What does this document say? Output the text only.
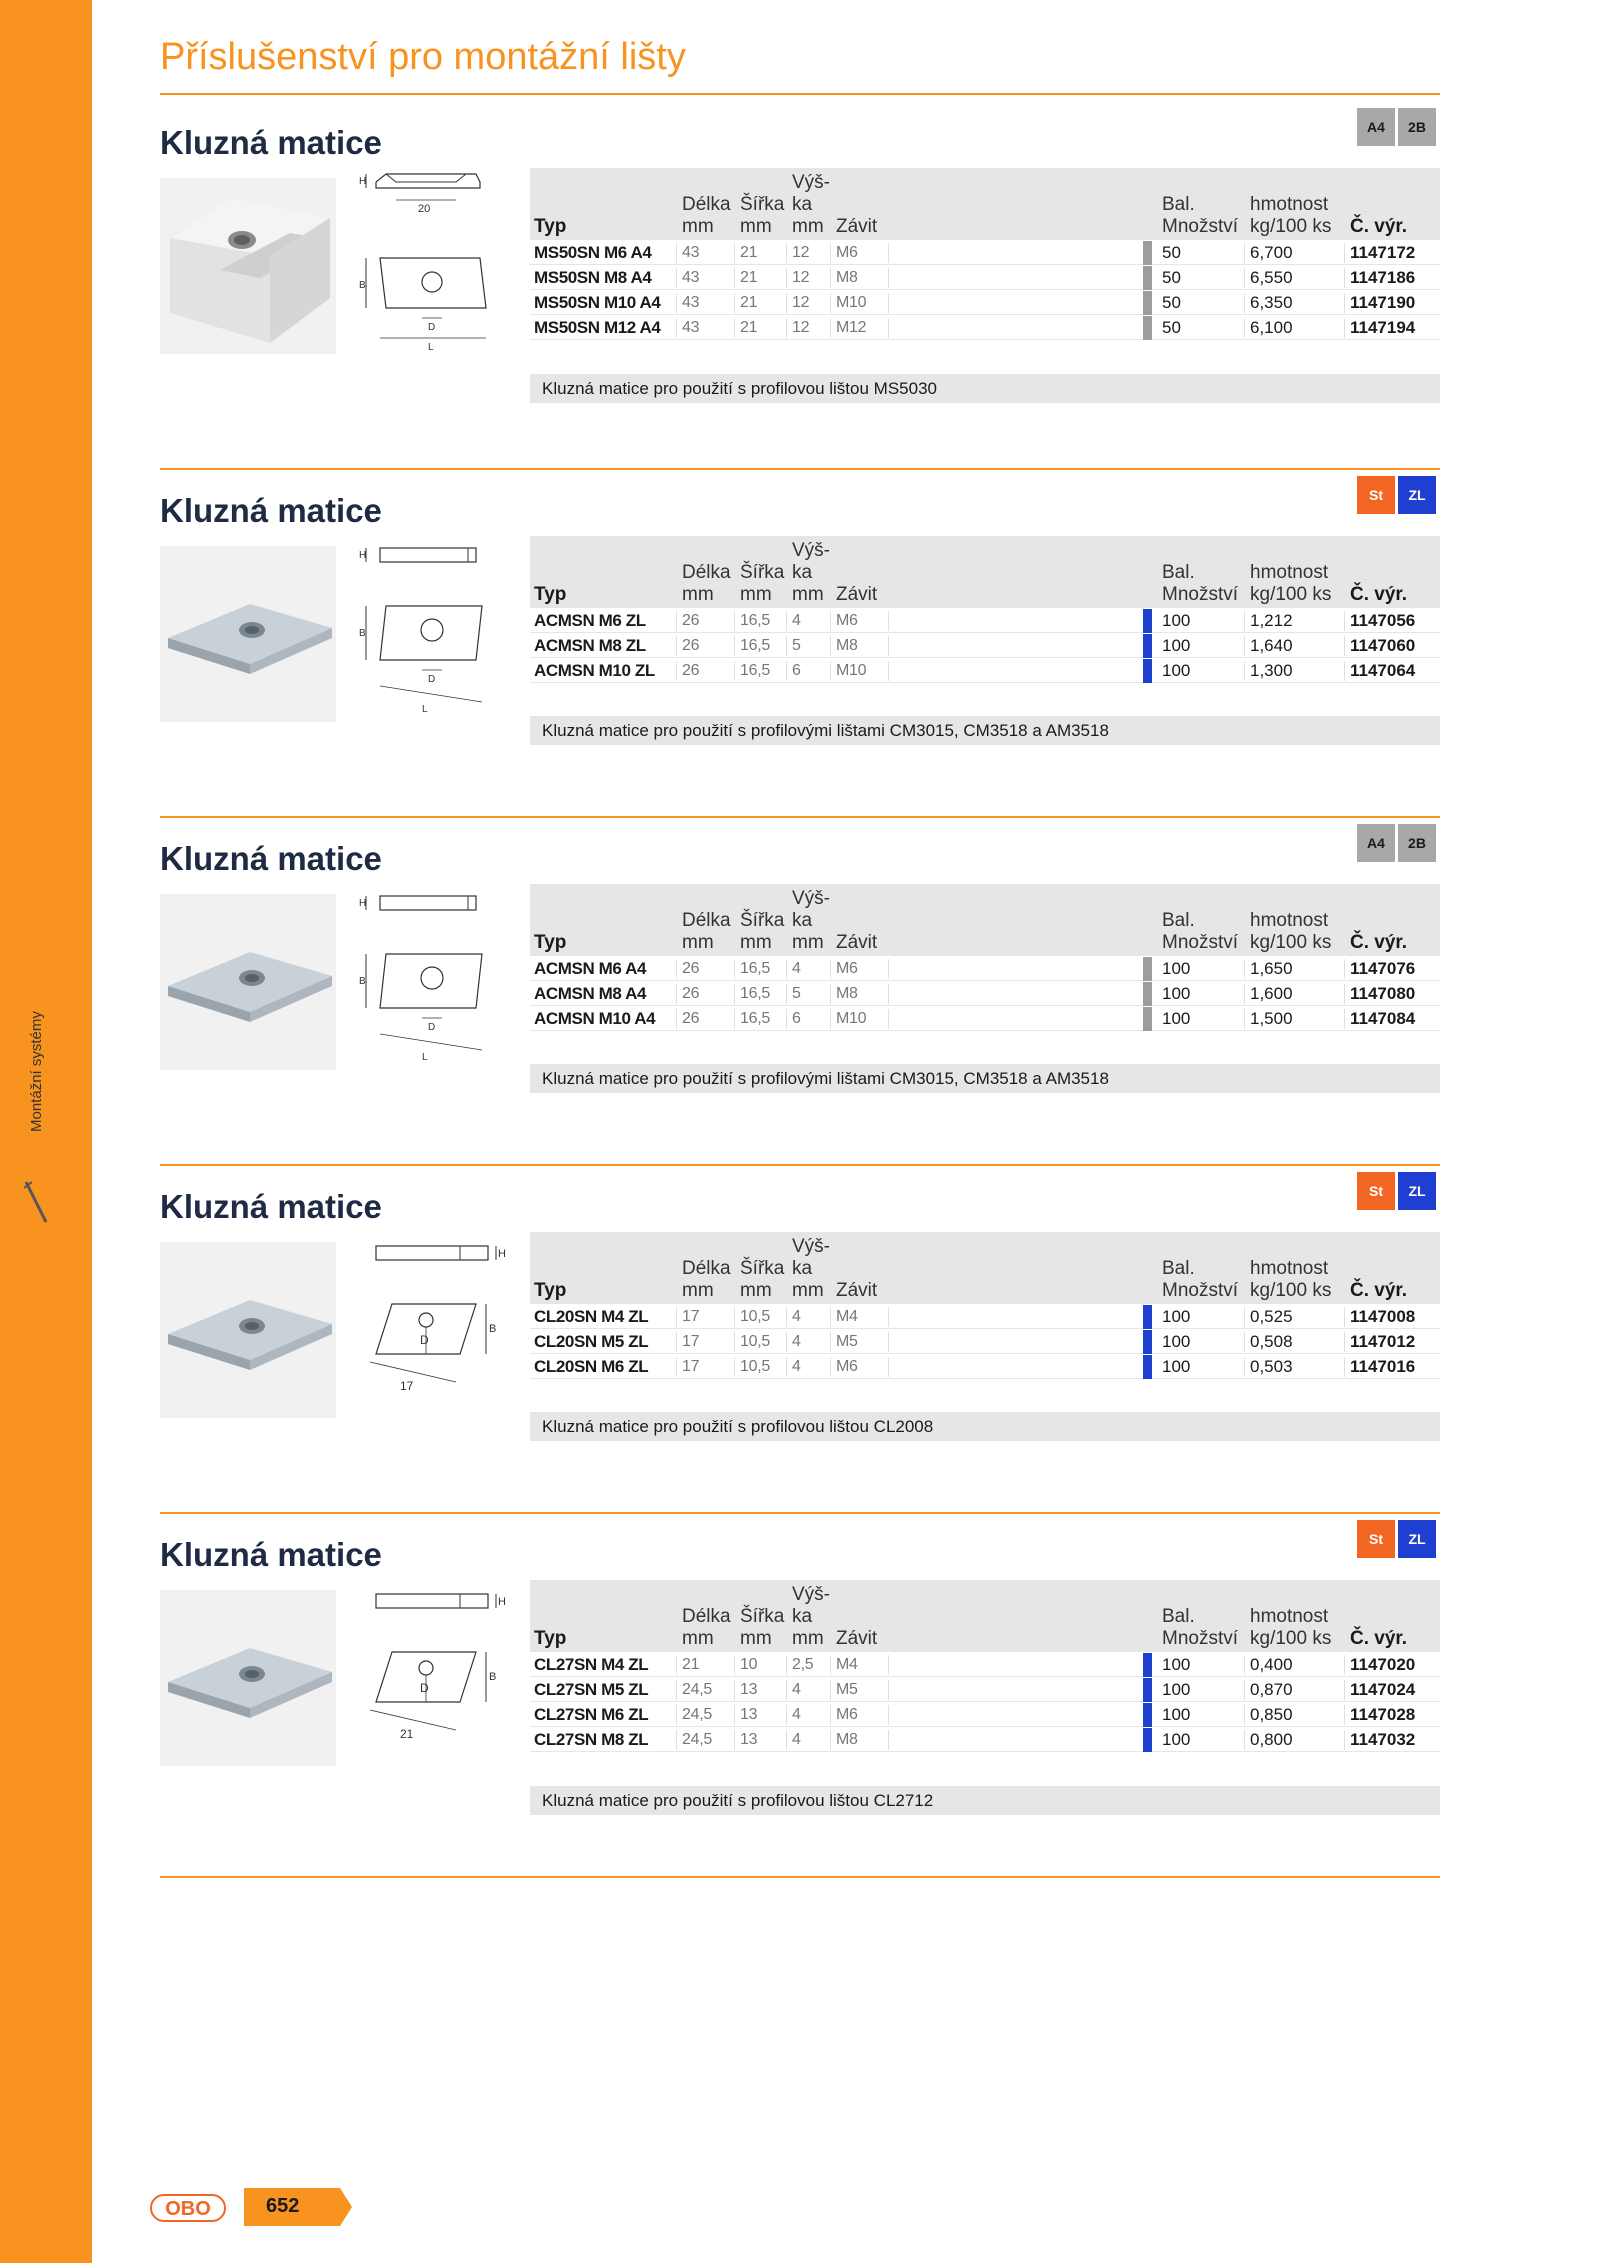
Montážní systémy
Příslušenství pro montážní lišty
Kluzná matice	A4	2B
H
20
B
D
L
Výš-
Délka Šířka ka	Bal.	hmotnost
Typ	mm mm mm Závit	Množství kg/100 ks Č. výr.
MS50SN M6 A4 43	21 12 M6	50	6,700	1147172
MS50SN M8 A4 43	21 12 M8	50	6,550	1147186
MS50SN M10 A4 43	21 12 M10	50	6,350	1147190
MS50SN M12 A4 43	21 12 M12	50	6,100	1147194
Kluzná matice pro použití s profilovou lištou MS5030
Kluzná matice	St	ZL
H
B
D
L
Výš-
Délka Šířka ka	Bal.	hmotnost
Typ	mm mm mm Závit	Množství kg/100 ks Č. výr.
ACMSN M6 ZL 26	16,5 4 M6	100	1,212	1147056
ACMSN M8 ZL 26	16,5 5 M8	100	1,640	1147060
ACMSN M10 ZL 26	16,5 6 M10	100	1,300	1147064
Kluzná matice pro použití s profilovými lištami CM3015, CM3518 a AM3518
Kluzná matice	A4	2B
H
B
D
L
Výš-
Délka Šířka ka	Bal.	hmotnost
Typ	mm mm mm Závit	Množství kg/100 ks Č. výr.
ACMSN M6 A4 26	16,5 4 M6	100	1,650	1147076
ACMSN M8 A4 26	16,5 5 M8	100	1,600	1147080
ACMSN M10 A4 26	16,5 6 M10	100	1,500	1147084
Kluzná matice pro použití s profilovými lištami CM3015, CM3518 a AM3518
Kluzná matice	St	ZL
H
B
D
17
Výš-
Délka Šířka ka	Bal.	hmotnost
Typ	mm mm mm Závit	Množství kg/100 ks Č. výr.
CL20SN M4 ZL 17	10,5 4 M4	100	0,525	1147008
CL20SN M5 ZL 17	10,5 4 M5	100	0,508	1147012
CL20SN M6 ZL 17	10,5 4 M6	100	0,503	1147016
Kluzná matice pro použití s profilovou lištou CL2008
Kluzná matice	St	ZL
H
B
D
21
Výš-
Délka Šířka ka	Bal.	hmotnost
Typ	mm mm mm Závit	Množství kg/100 ks Č. výr.
CL27SN M4 ZL 21	10 2,5 M4	100	0,400	1147020
CL27SN M5 ZL 24,5 13 4 M5	100	0,870	1147024
CL27SN M6 ZL 24,5 13 4 M6	100	0,850	1147028
CL27SN M8 ZL 24,5 13 4 M8	100	0,800	1147032
Kluzná matice pro použití s profilovou lištou CL2712
OBO	652
